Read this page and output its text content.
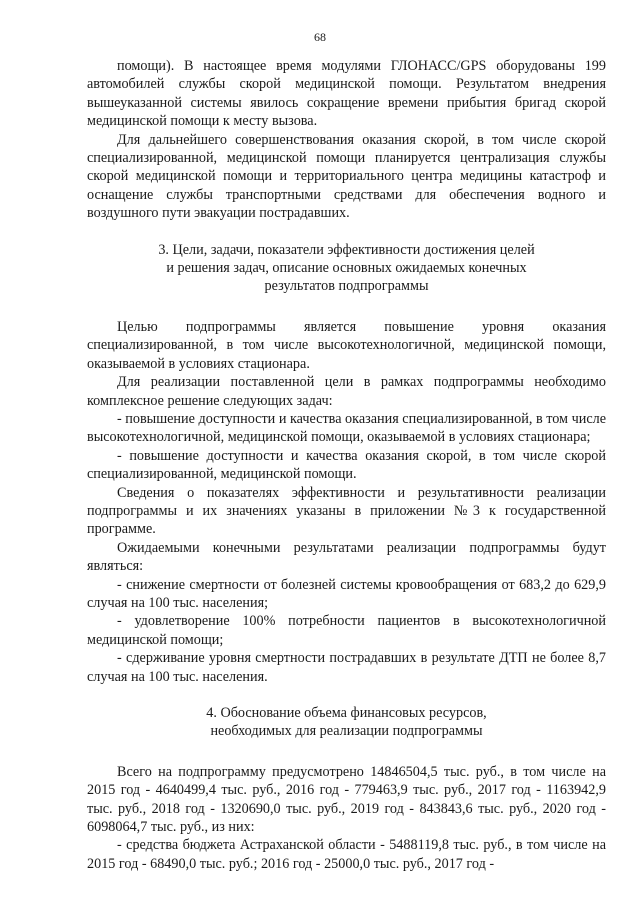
68

помощи). В настоящее время модулями ГЛОНАСС/GPS оборудованы 199 автомобилей службы скорой медицинской помощи. Результатом внедрения вышеуказанной системы явилось сокращение времени прибытия бригад скорой медицинской помощи к месту вызова.

Для дальнейшего совершенствования оказания скорой, в том числе скорой специализированной, медицинской помощи планируется централизация службы скорой медицинской помощи и территориального центра медицины катастроф и оснащение службы транспортными средствами для обеспечения водного и воздушного пути эвакуации пострадавших.

3. Цели, задачи, показатели эффективности достижения целей

и решения задач, описание основных ожидаемых конечных

результатов подпрограммы

Целью подпрограммы является повышение уровня оказания специализированной, в том числе высокотехнологичной, медицинской помощи, оказываемой в условиях стационара.

Для реализации поставленной цели в рамках подпрограммы необходимо комплексное решение следующих задач:

- повышение доступности и качества оказания специализированной, в том числе высокотехнологичной, медицинской помощи, оказываемой в условиях стационара;

- повышение доступности и качества оказания скорой, в том числе скорой специализированной, медицинской помощи.

Сведения о показателях эффективности и результативности реализации подпрограммы и их значениях указаны в приложении №3 к государственной программе.

Ожидаемыми конечными результатами реализации подпрограммы будут являться:

- снижение смертности от болезней системы кровообращения от 683,2 до 629,9 случая на 100 тыс. населения;

- удовлетворение 100% потребности пациентов в высокотехнологичной медицинской помощи;

- сдерживание уровня смертности пострадавших в результате ДТП не более 8,7 случая на 100 тыс. населения.

4. Обоснование объема финансовых ресурсов,

необходимых для реализации подпрограммы

Всего на подпрограмму предусмотрено 14846504,5 тыс. руб., в том числе на 2015 год - 4640499,4 тыс. руб., 2016 год - 779463,9 тыс. руб., 2017 год - 1163942,9 тыс. руб., 2018 год - 1320690,0 тыс. руб., 2019 год - 843843,6 тыс. руб., 2020 год - 6098064,7 тыс. руб., из них:

- средства бюджета Астраханской области - 5488119,8 тыс. руб., в том числе на 2015 год - 68490,0 тыс. руб.; 2016 год - 25000,0 тыс. руб., 2017 год -
